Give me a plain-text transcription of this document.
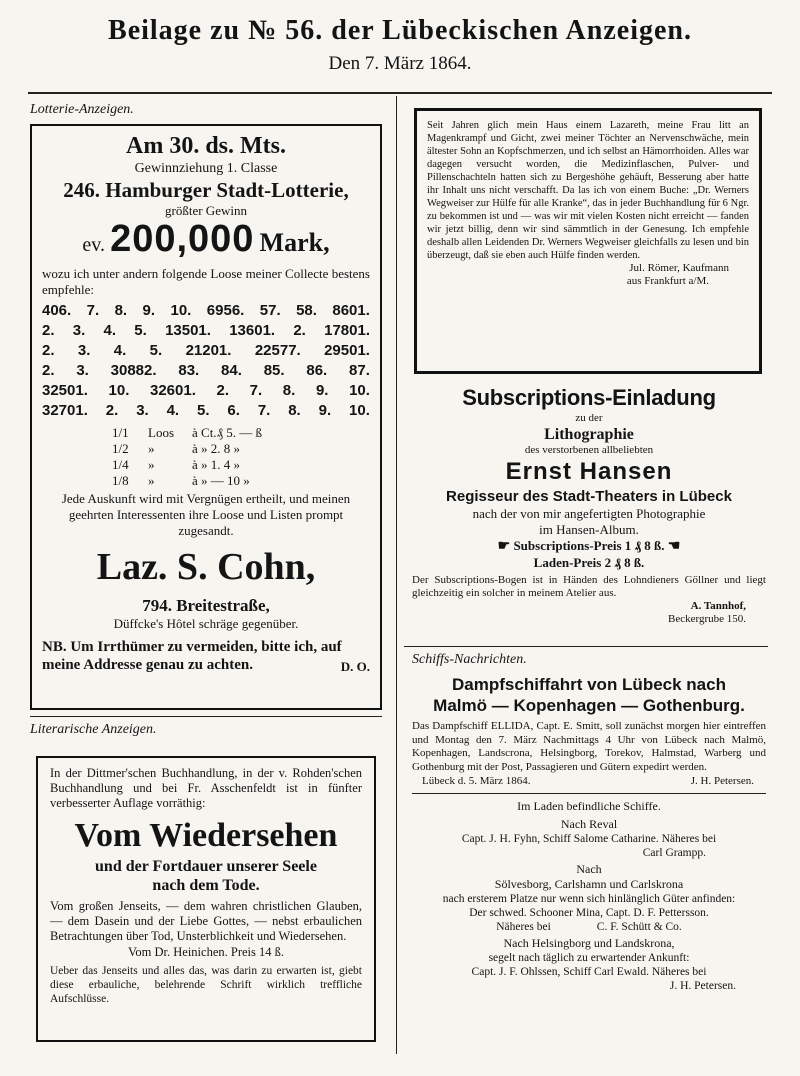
Beilage zu № 56. der Lübeckischen Anzeigen.
Den 7. März 1864.
Lotterie-Anzeigen.

Am 30. ds. Mts.

Gewinnziehung 1. Classe

246. Hamburger Stadt-Lotterie,

größter Gewinn

ev. 200,000 Mark,

wozu ich unter andern folgende Loose meiner Collecte bestens empfehle:

406. 7. 8. 9. 10. 6956. 57. 58. 8601.
2. 3. 4. 5. 13501. 13601. 2. 17801.
2. 3. 4. 5. 21201. 22577. 29501.
2. 3. 30882. 83. 84. 85. 86. 87.
32501. 10. 32601. 2. 7. 8. 9. 10.
32701. 2. 3. 4. 5. 6. 7. 8. 9. 10.
1/1	Loos	à Ct.₰ 5. — ß
1/2	»	à » 2. 8 »
1/4	»	à » 1. 4 »
1/8	»	à » — 10 »

Jede Auskunft wird mit Vergnügen ertheilt, und meinen geehrten Interessenten ihre Loose und Listen prompt zugesandt.

Laz. S. Cohn,

794. Breitestraße,

Düffcke's Hôtel schräge gegenüber.

NB. Um Irrthümer zu vermeiden, bitte ich, auf meine Addresse genau zu achten.	D. O.

Literarische Anzeigen.

In der Dittmer'schen Buchhandlung, in der v. Rohden'schen Buchhandlung und bei Fr. Asschenfeldt ist in fünfter verbesserter Auflage vorräthig:

Vom Wiedersehen

und der Fortdauer unserer Seele

nach dem Tode.

Vom großen Jenseits, — dem wahren christlichen Glauben, — dem Dasein und der Liebe Gottes, — nebst erbaulichen Betrachtungen über Tod, Unsterblichkeit und Wiedersehen.

Vom Dr. Heinichen. Preis 14 ß.

Ueber das Jenseits und alles das, was darin zu erwarten ist, giebt diese erbauliche, belehrende Schrift wirklich treffliche Aufschlüsse.

Seit Jahren glich mein Haus einem Lazareth, meine Frau litt an Magenkrampf und Gicht, zwei meiner Töchter an Nervenschwäche, mein ältester Sohn an Kopfschmerzen, und ich selbst an Hämorrhoiden. Alles war dagegen versucht worden, die Medizinflaschen, Pulver- und Pillenschachteln hatten sich zu Bergeshöhe gehäuft, Besserung aber hatte ihr Inhalt uns nicht verschafft. Da las ich von einem Buche: „Dr. Werners Wegweiser zur Hülfe für alle Kranke“, das in jeder Buchhandlung für 6 Ngr. zu bekommen ist und — was wir mit vielen Kosten nicht erreicht — fanden wir jetzt billig, denn wir sind sämmtlich in der Genesung. Ich empfehle deshalb allen Leidenden Dr. Werners Wegweiser gleichfalls zu lesen und bin überzeugt, daß sie eben auch Hülfe finden werden.

Jul. Römer, Kaufmann

aus Frankfurt a/M.

Subscriptions-Einladung

zu der

Lithographie

des verstorbenen allbeliebten

Ernst Hansen

Regisseur des Stadt-Theaters in Lübeck

nach der von mir angefertigten Photographie

im Hansen-Album.

☛ Subscriptions-Preis 1 ₰ 8 ß. ☚

Laden-Preis 2 ₰ 8 ß.

Der Subscriptions-Bogen ist in Händen des Lohndieners Göllner und liegt gleichzeitig ein solcher in meinem Atelier aus.

A. Tannhof,

Beckergrube 150.

Schiffs-Nachrichten.

Dampfschiffahrt von Lübeck nach

Malmö — Kopenhagen — Gothenburg.

Das Dampfschiff ELLIDA, Capt. E. Smitt, soll zunächst morgen hier eintreffen und Montag den 7. März Nachmittags 4 Uhr von Lübeck nach Malmö, Kopenhagen, Landscrona, Helsingborg, Torekov, Halmstad, Warberg und Gothenburg mit der Post, Passagieren und Gütern expedirt werden.

Lübeck d. 5. März 1864.	J. H. Petersen.

Im Laden befindliche Schiffe.

Nach Reval

Capt. J. H. Fyhn, Schiff Salome Catharine. Näheres bei

Carl Grampp.

Nach

Sölvesborg, Carlshamn und Carlskrona

nach ersterem Platze nur wenn sich hinlänglich Güter anfinden:

Der schwed. Schooner Mina, Capt. D. F. Pettersson.

Näheres bei                C. F. Schütt & Co.

Nach Helsingborg und Landskrona,

segelt nach täglich zu erwartender Ankunft:

Capt. J. F. Ohlssen, Schiff Carl Ewald. Näheres bei

J. H. Petersen.
